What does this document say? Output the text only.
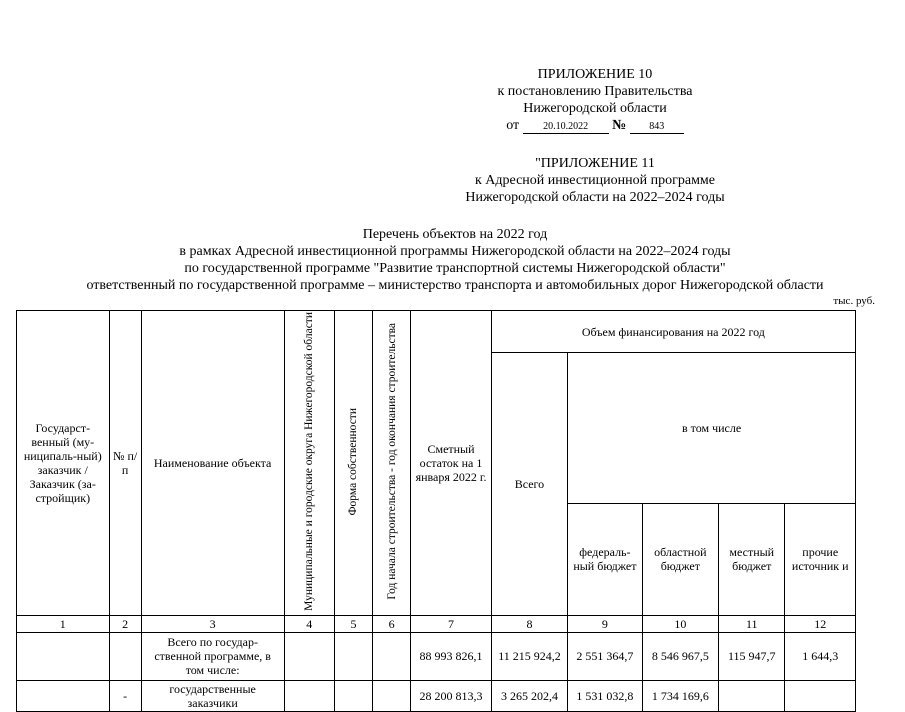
ПРИЛОЖЕНИЕ 10
к постановлению Правительства
Нижегородской области
от 20.10.2022 № 843
"ПРИЛОЖЕНИЕ 11
к Адресной инвестиционной программе
Нижегородской области на 2022–2024 годы
Перечень объектов на 2022 год
в рамках Адресной инвестиционной программы Нижегородской области на 2022–2024 годы
по государственной программе "Развитие транспортной системы Нижегородской области"
ответственный по государственной программе – министерство транспорта и автомобильных дорог Нижегородской области
тыс. руб.
Государст-венный (му-ниципаль-ный) заказчик / Заказчик (за-стройщик)	№ п/п	Наименование объекта	Муниципальные и городские округа Нижегородской области	Форма собственности	Год начала строительства - год окончания строительства	Сметный остаток на 1 января 2022 г.	Объем финансирования на 2022 год				
							Всего	в том числе			
								федераль-ный бюджет	областной бюджет	местный бюджет	прочие источник и
1	2	3	4	5	6	7	8	9	10	11	12
		Всего по государ-ственной программе, в том числе:				88 993 826,1	11 215 924,2	2 551 364,7	8 546 967,5	115 947,7	1 644,3
	-	государственные заказчики				28 200 813,3	3 265 202,4	1 531 032,8	1 734 169,6		
